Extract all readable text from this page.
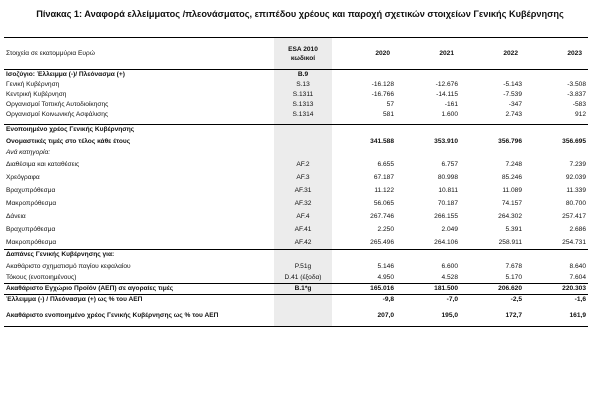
Πίνακας 1: Αναφορά ελλείμματος /πλεονάσματος, επιπέδου χρέους και παροχή σχετικών στοιχείων Γενικής Κυβέρνησης
Στοιχεία σε εκατομμύρια Ευρώ	ESA 2010
κωδικοί	2020	2021	2022	2023
Ισοζύγιο: Έλλειμμα (-)/ Πλεόνασμα (+)	B.9				
Γενική Κυβέρνηση	S.13	-16.128	-12.676	-5.143	-3.508
Κεντρική Κυβέρνηση	S.1311	-16.766	-14.115	-7.539	-3.837
Οργανισμοί Τοπικής Αυτοδιοίκησης	S.1313	57	-161	-347	-583
Οργανισμοί Κοινωνικής Ασφάλισης	S.1314	581	1.600	2.743	912

Ενοποιημένο χρέος Γενικής Κυβέρνησης					
Ονομαστικές τιμές στο τέλος κάθε έτους		341.588	353.910	356.796	356.695
Ανά κατηγορία:					
Διαθέσιμα και καταθέσεις	AF.2	6.655	6.757	7.248	7.239
Χρεόγραφα	AF.3	67.187	80.998	85.246	92.039
Βραχυπρόθεσμα	AF.31	11.122	10.811	11.089	11.339
Μακροπρόθεσμα	AF.32	56.065	70.187	74.157	80.700
Δάνεια	AF.4	267.746	266.155	264.302	257.417
Βραχυπρόθεσμα	AF.41	2.250	2.049	5.391	2.686
Μακροπρόθεσμα	AF.42	265.496	264.106	258.911	254.731
Δαπάνες Γενικής Κυβέρνησης για:					
Ακαθάριστο σχηματισμό παγίου κεφαλαίου	P.51g	5.146	6.600	7.678	8.640
Τόκους (ενοποιημένους)	D.41 (έξοδα)	4.950	4.528	5.170	7.604
Ακαθάριστο Εγχώριο Προϊόν (ΑΕΠ) σε αγοραίες τιμές	B.1*g	165.016	181.500	206.620	220.303
Έλλειμμα (-) / Πλεόνασμα (+) ως % του ΑΕΠ		-9,8	-7,0	-2,5	-1,6

Ακαθάριστο ενοποιημένο χρέος Γενικής Κυβέρνησης ως % του ΑΕΠ		207,0	195,0	172,7	161,9
